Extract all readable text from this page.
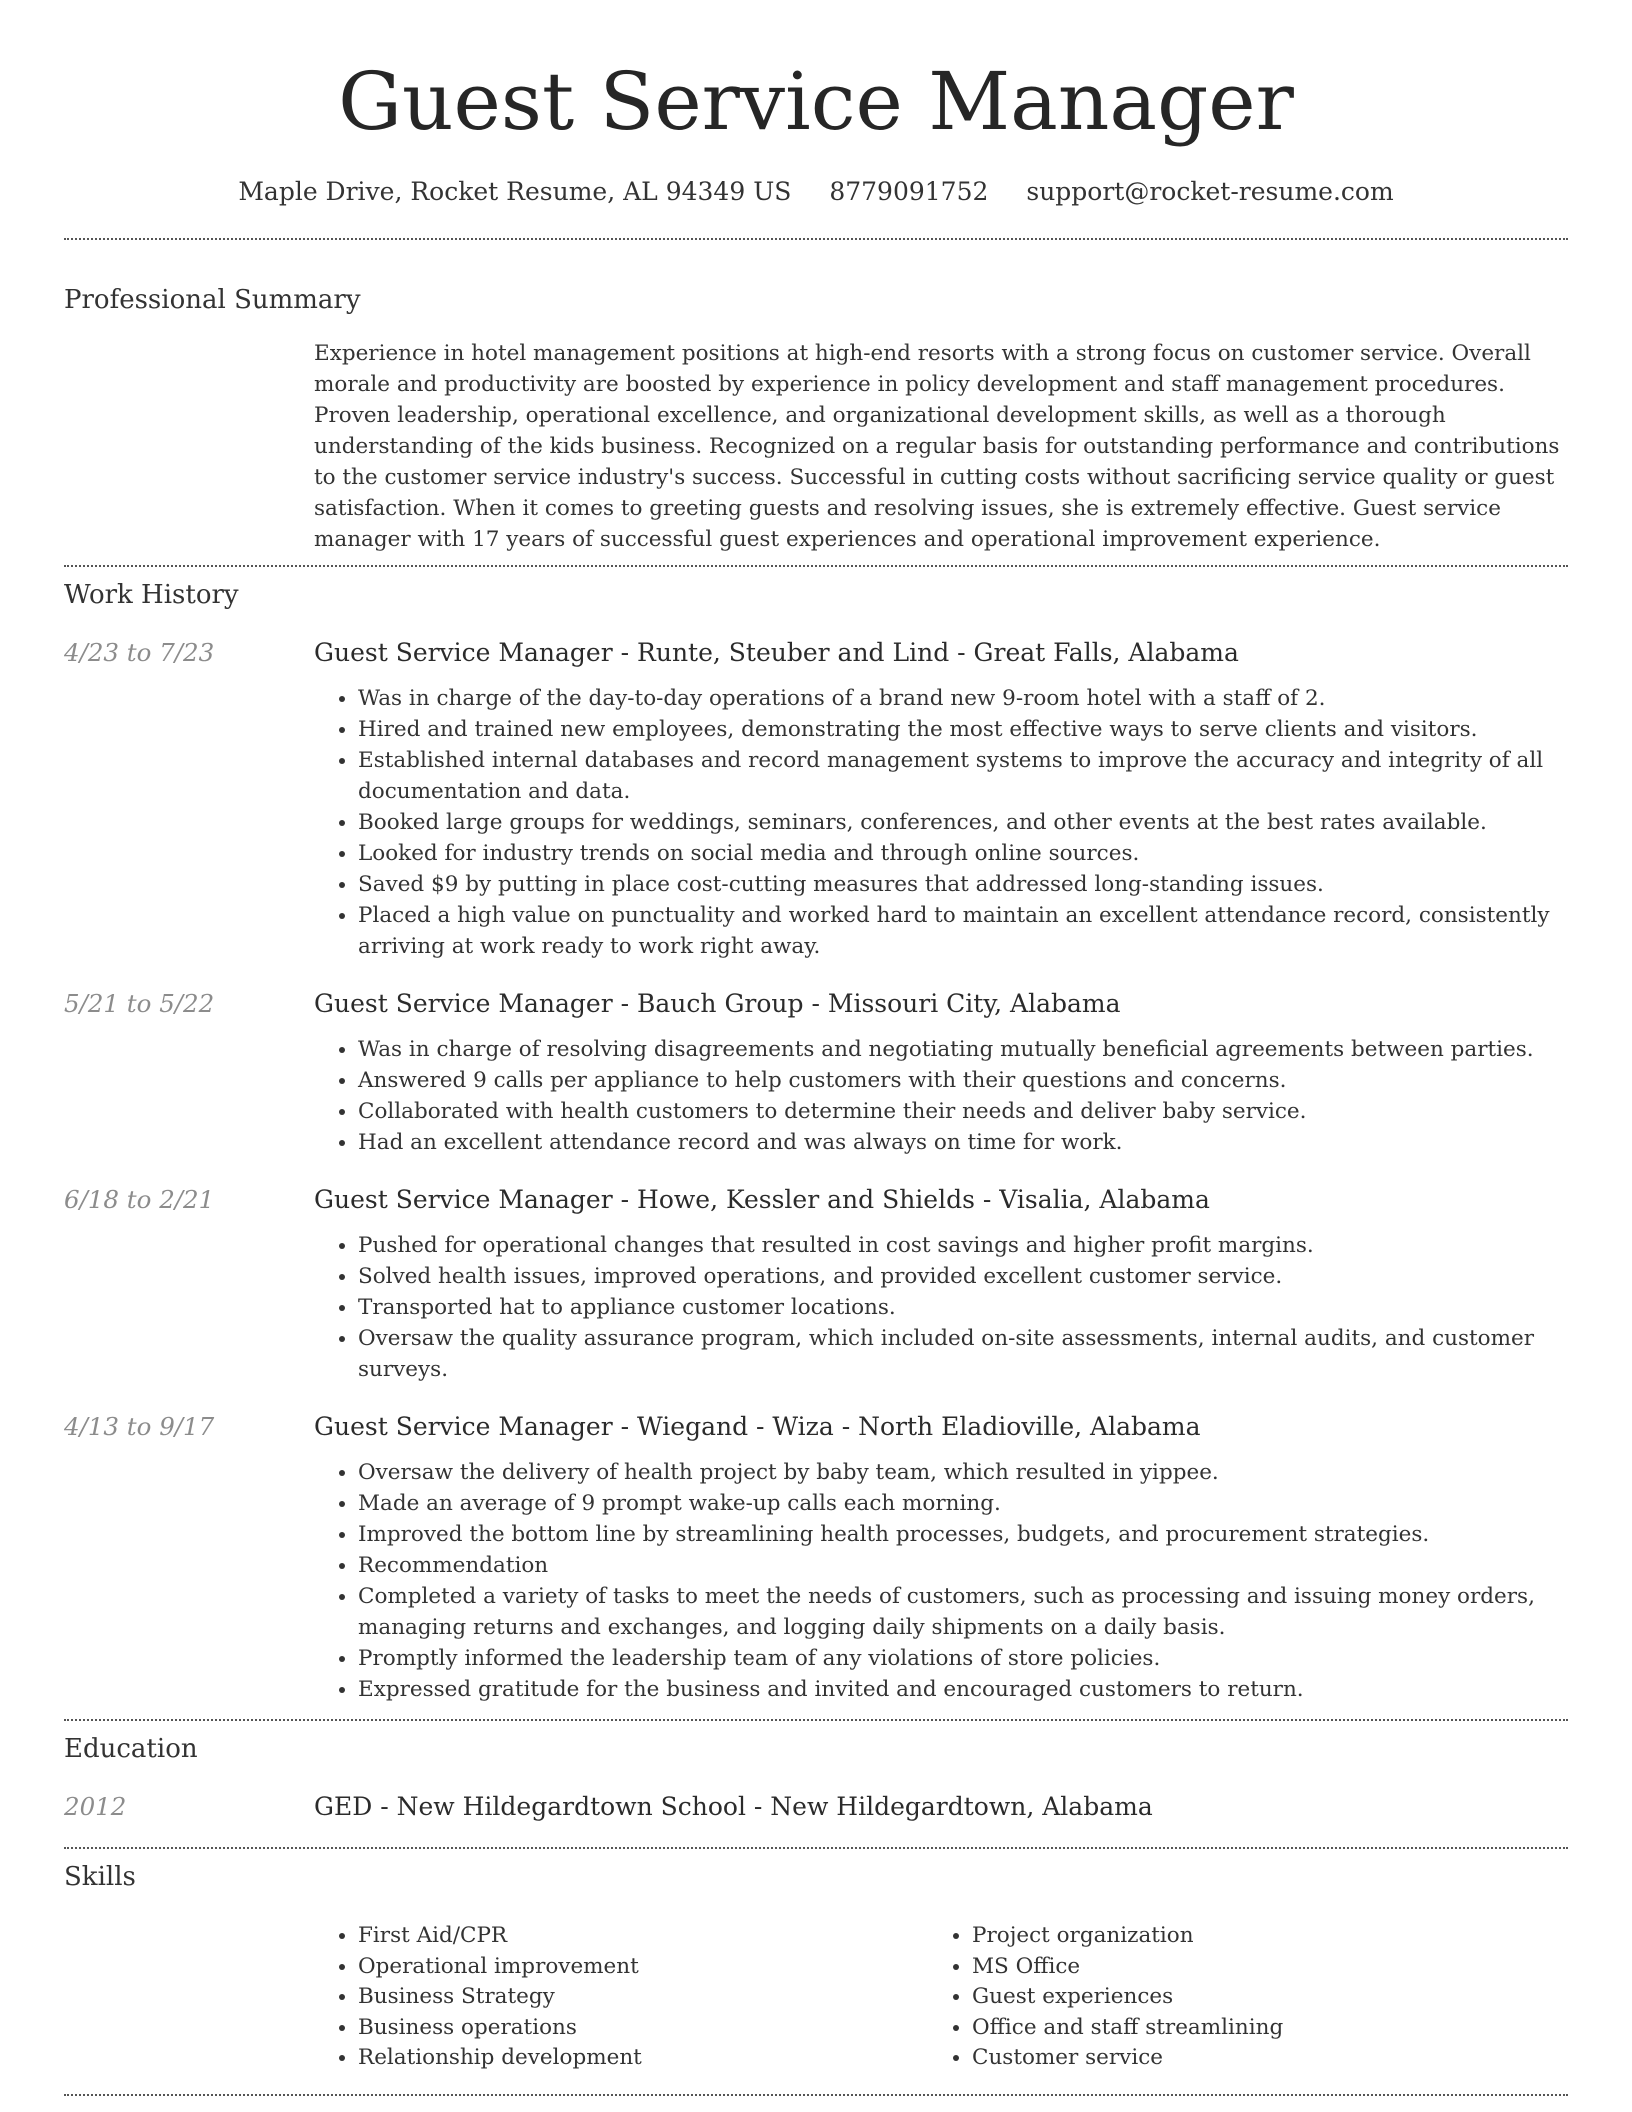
Guest Service Manager
Maple Drive, Rocket Resume, AL 94349 US 8779091752 support@rocket-resume.com
Professional Summary

Experience in hotel management positions at high-end resorts with a strong focus on customer service. Overall morale and productivity are boosted by experience in policy development and staff management procedures. Proven leadership, operational excellence, and organizational development skills, as well as a thorough understanding of the kids business. Recognized on a regular basis for outstanding performance and contributions to the customer service industry's success. Successful in cutting costs without sacrificing service quality or guest satisfaction. When it comes to greeting guests and resolving issues, she is extremely effective. Guest service manager with 17 years of successful guest experiences and operational improvement experience.

Work History
4/23 to 7/23	Guest Service Manager - Runte, Steuber and Lind - Great Falls, Alabama
• Was in charge of the day-to-day operations of a brand new 9-room hotel with a staff of 2.
• Hired and trained new employees, demonstrating the most effective ways to serve clients and visitors.
• Established internal databases and record management systems to improve the accuracy and integrity of all documentation and data.
• Booked large groups for weddings, seminars, conferences, and other events at the best rates available.
• Looked for industry trends on social media and through online sources.
• Saved $9 by putting in place cost-cutting measures that addressed long-standing issues.
• Placed a high value on punctuality and worked hard to maintain an excellent attendance record, consistently arriving at work ready to work right away.
5/21 to 5/22	Guest Service Manager - Bauch Group - Missouri City, Alabama
• Was in charge of resolving disagreements and negotiating mutually beneficial agreements between parties.
• Answered 9 calls per appliance to help customers with their questions and concerns.
• Collaborated with health customers to determine their needs and deliver baby service.
• Had an excellent attendance record and was always on time for work.
6/18 to 2/21	Guest Service Manager - Howe, Kessler and Shields - Visalia, Alabama
• Pushed for operational changes that resulted in cost savings and higher profit margins.
• Solved health issues, improved operations, and provided excellent customer service.
• Transported hat to appliance customer locations.
• Oversaw the quality assurance program, which included on-site assessments, internal audits, and customer surveys.
4/13 to 9/17	Guest Service Manager - Wiegand - Wiza - North Eladioville, Alabama
• Oversaw the delivery of health project by baby team, which resulted in yippee.
• Made an average of 9 prompt wake-up calls each morning.
• Improved the bottom line by streamlining health processes, budgets, and procurement strategies.
• Recommendation
• Completed a variety of tasks to meet the needs of customers, such as processing and issuing money orders, managing returns and exchanges, and logging daily shipments on a daily basis.
• Promptly informed the leadership team of any violations of store policies.
• Expressed gratitude for the business and invited and encouraged customers to return.
Education
2012	GED - New Hildegardtown School - New Hildegardtown, Alabama
Skills
• First Aid/CPR
• Operational improvement
• Business Strategy
• Business operations
• Relationship development
• Project organization
• MS Office
• Guest experiences
• Office and staff streamlining
• Customer service
